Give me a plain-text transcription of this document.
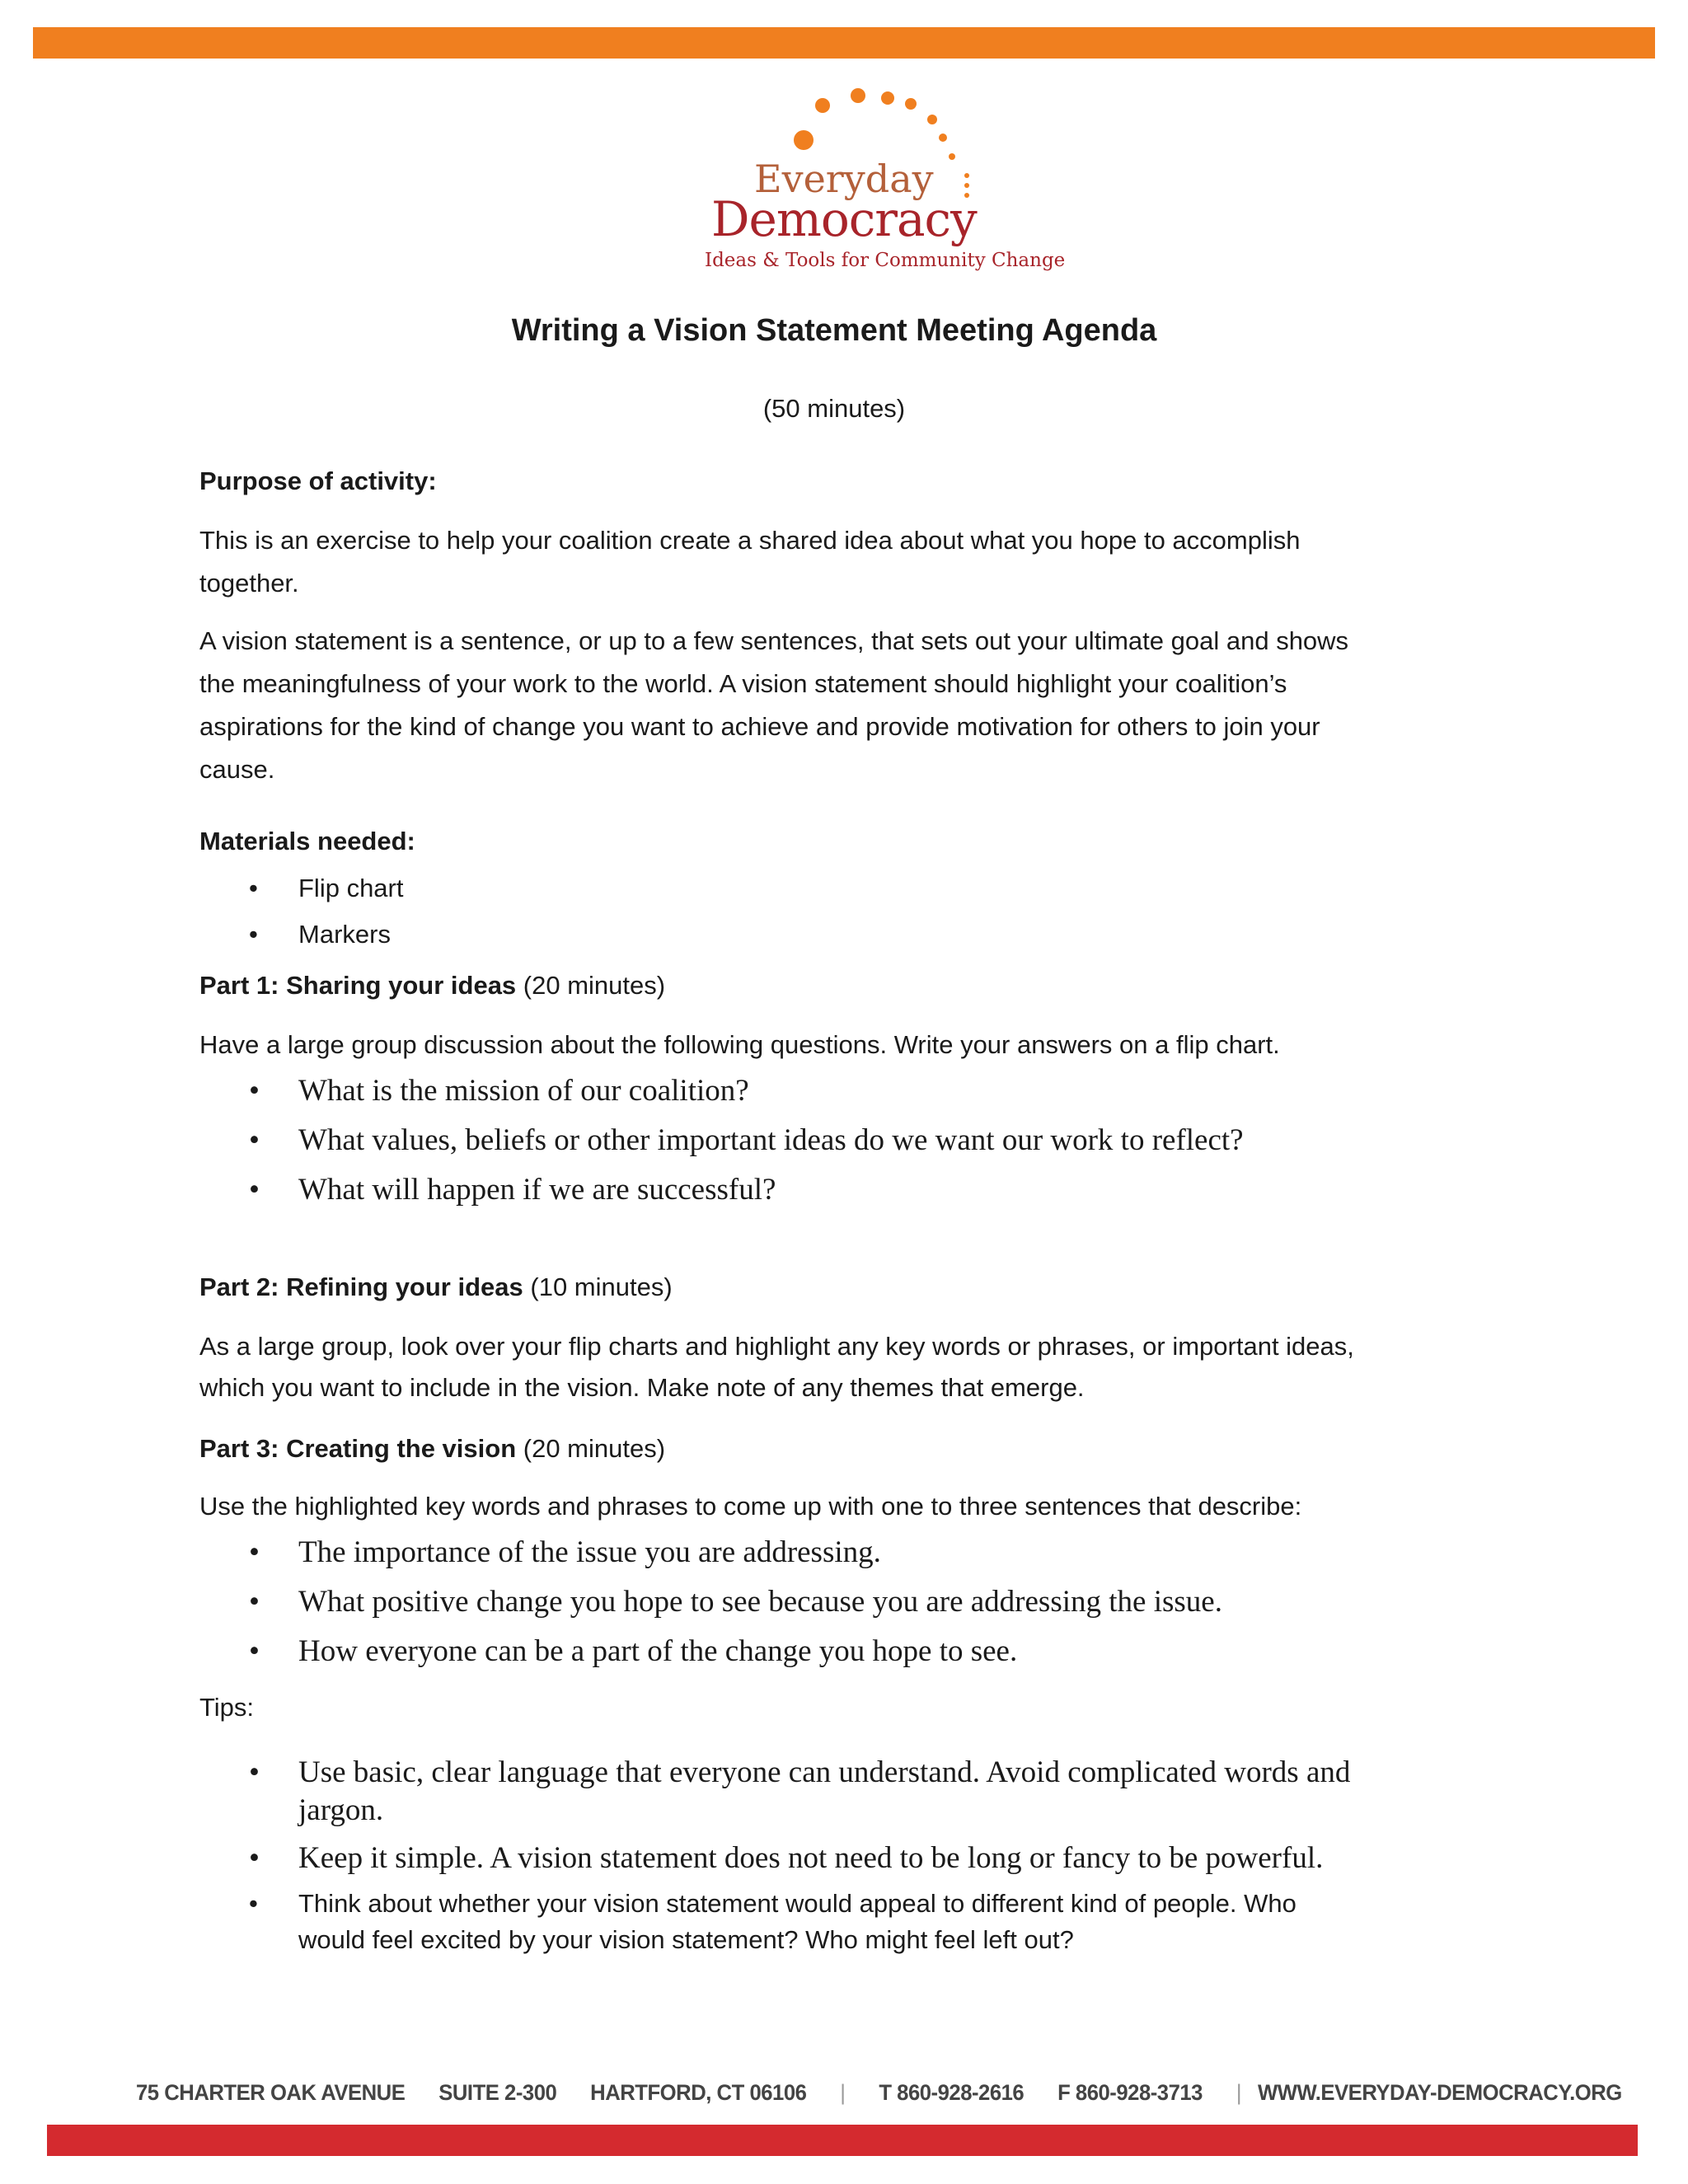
Everyday
Democracy
Ideas & Tools for Community Change
Writing a Vision Statement Meeting Agenda
(50 minutes)
Purpose of activity:
This is an exercise to help your coalition create a shared idea about what you hope to accomplish
together.
A vision statement is a sentence, or up to a few sentences, that sets out your ultimate goal and shows
the meaningfulness of your work to the world. A vision statement should highlight your coalition’s
aspirations for the kind of change you want to achieve and provide motivation for others to join your
cause.
Materials needed:
• Flip chart
• Markers
Part 1: Sharing your ideas (20 minutes)
Have a large group discussion about the following questions. Write your answers on a flip chart.
• What is the mission of our coalition?
• What values, beliefs or other important ideas do we want our work to reflect?
• What will happen if we are successful?
Part 2: Refining your ideas (10 minutes)
As a large group, look over your flip charts and highlight any key words or phrases, or important ideas,
which you want to include in the vision. Make note of any themes that emerge.
Part 3: Creating the vision (20 minutes)
Use the highlighted key words and phrases to come up with one to three sentences that describe:
• The importance of the issue you are addressing.
• What positive change you hope to see because you are addressing the issue.
• How everyone can be a part of the change you hope to see.
Tips:
• Use basic, clear language that everyone can understand. Avoid complicated words and
jargon.
• Keep it simple. A vision statement does not need to be long or fancy to be powerful.
• Think about whether your vision statement would appeal to different kind of people. Who
would feel excited by your vision statement? Who might feel left out?
75 CHARTER OAK AVENUE SUITE 2-300 HARTFORD, CT 06106 | T 860-928-2616 F 860-928-3713 | WWW.EVERYDAY-DEMOCRACY.ORG
